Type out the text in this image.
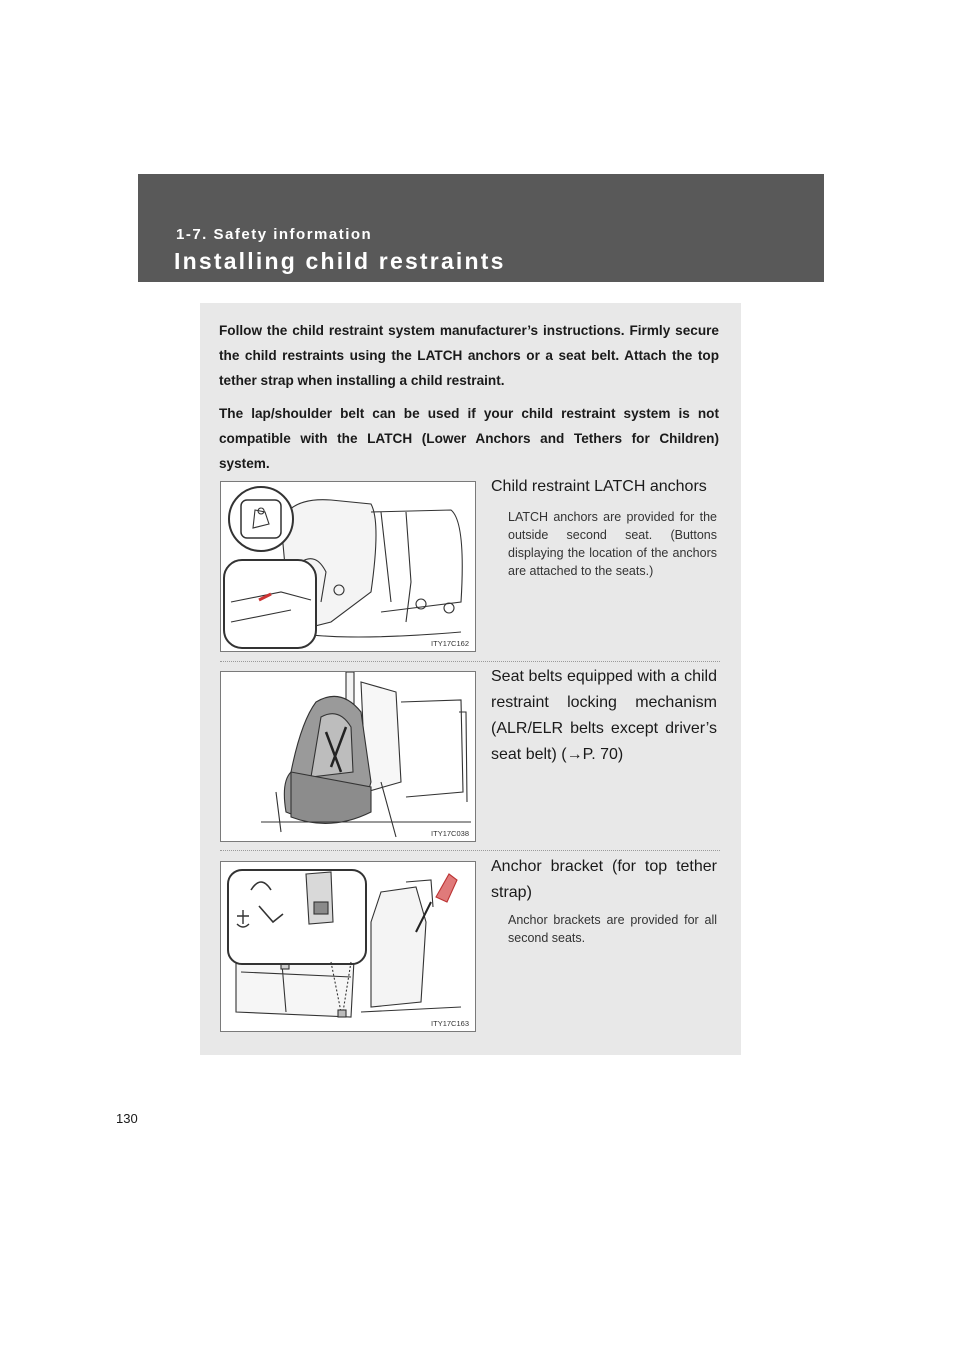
1-7. Safety information
Installing child restraints

Follow the child restraint system manufacturer’s instructions. Firmly secure the child restraints using the LATCH anchors or a seat belt. Attach the top tether strap when installing a child restraint.

The lap/shoulder belt can be used if your child restraint system is not compatible with the LATCH (Lower Anchors and Tethers for Children) system.

ITY17C162
Child restraint LATCH anchors
LATCH anchors are provided for the outside second seat. (Buttons displaying the location of the anchors are attached to the seats.)
ITY17C038
Seat belts equipped with a child restraint locking mechanism (ALR/ELR belts except driver’s seat belt) (→P. 70)
ITY17C163
Anchor bracket (for top tether strap)
Anchor brackets are provided for all second seats.
130
